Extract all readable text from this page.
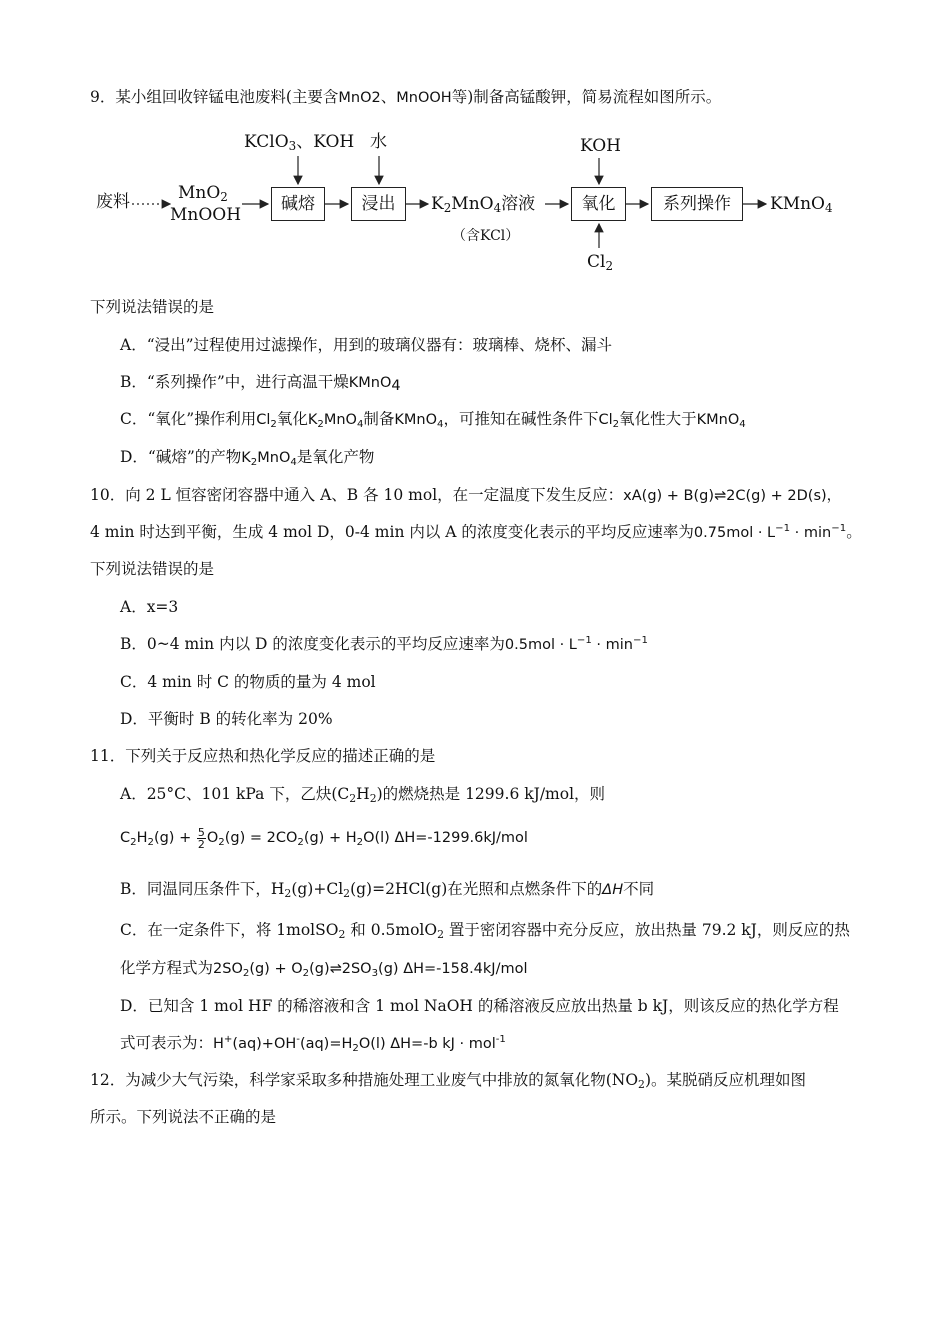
9．某小组回收锌锰电池废料(主要含MnO2、MnOOH等)制备高锰酸钾，简易流程如图所示。
废料	MnO$_2$
MnOOH
KClO$_3$、KOH
碱熔
水
浸出	$K_2MnO_4$溶液
（含KCl）
KOH
氧化
$Cl_2$
系列操作	KMnO$_4$
下列说法错误的是
A．“浸出”过程使用过滤操作，用到的玻璃仪器有：玻璃棒、烧杯、漏斗
B．“系列操作”中，进行高温干燥KMnO$_4$
C．“氧化”操作利用$Cl_2$氧化$K_2MnO_4$制备KMnO$_4$，可推知在碱性条件下$Cl_2$氧化性大于KMnO$_4$
D．“碱熔”的产物$K_2MnO_4$是氧化产物
10．向 2 L 恒容密闭容器中通入 A、B 各 10 mol，在一定温度下发生反应：xA(g) + B(g)⇌2C(g) + 2D(s)，
4 min 时达到平衡，生成 4 mol D，0-4 min 内以 A 的浓度变化表示的平均反应速率为$0.75mol \cdot L^{-1} \cdot \min^{-1}$。
下列说法错误的是
A．x=3
B．0~4 min 内以 D 的浓度变化表示的平均反应速率为$0.5mol \cdot L^{-1} \cdot \min^{-1}$
C．4 min 时 C 的物质的量为 4 mol
D．平衡时 B 的转化率为 20%
11．下列关于反应热和热化学反应的描述正确的是
A．25°C、101 kPa 下，乙炔$(C_2H_2)$的燃烧热是 1299.6 kJ/mol，则
$C_2H_2(g) + \frac{5}{2} O_2(g) = 2CO_2(g) + H_2O(l)$ ΔH=-1299.6kJ/mol
B．同温同压条件下，$H_2(g)+Cl_2(g)=2HCl(g)$在光照和点燃条件下的ΔH不同
C．在一定条件下，将 1molSO$_2$ 和 0.5molO$_2$ 置于密闭容器中充分反应，放出热量 79.2 kJ，则反应的热
化学方程式为$2SO_2(g)$ + $O_2(g)\rightleftharpoons 2SO_3(g)$ ΔH=-158.4kJ/mol
D．已知含 1 mol HF 的稀溶液和含 1 mol NaOH 的稀溶液反应放出热量 b kJ，则该反应的热化学方程
式可表示为：$H^+(aq)+OH^-(aq)=H_2O(l)$ ΔH=-b kJ · mol$^{-1}$
12．为减少大气污染，科学家采取多种措施处理工业废气中排放的氮氧化物$(NO_2)$。某脱硝反应机理如图
所示。下列说法不正确的是
